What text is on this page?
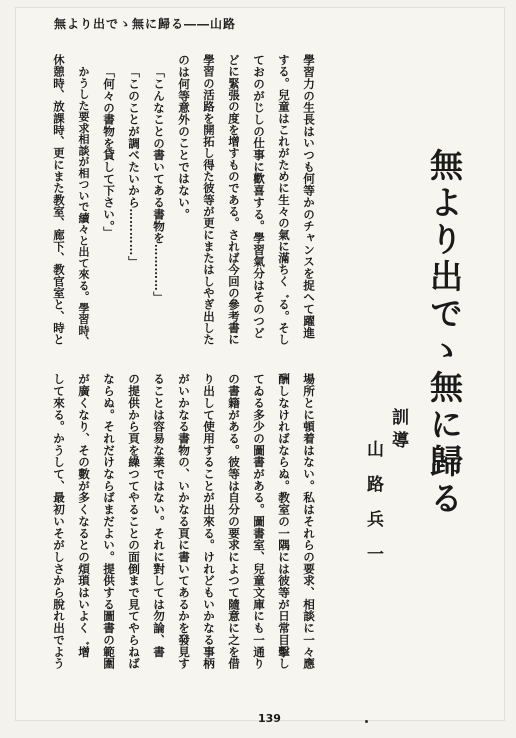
無より出でゝ無に歸る――山路
無より出でゝ無に歸る
訓導
山路兵一
學習力の生長はいつも何等かのチャンスを捉へて躍進
する。兒童はこれがために生々の氣に滿ちく゛る。そし
ておのがじしの仕事に歡喜する。學習氣分はそのつど
どに緊張の度を增すものである。されば今回の參考書に
學習の活路を開拓し得た彼等が更にまたはしやぎ出した
のは何等意外のことではない。
「こんなことの書いてある書物を…………」
「このことが調べたいから…………」
「何々の書物を貸して下さい。」
かうした要求相談が相ついで續々と出て來る。學習時、
休憩時、放課時、更にまた教室、廊下、教官室と、時と
場所とに頓着はない。私はそれらの要求、相談に一々應
酬しなければならぬ。教室の一隅には彼等が日常目擊し
てゐる多少の圖書がある。圖書室、兒童文庫にも一通り
の書籍がある。彼等は自分の要求によつて隨意に之を借
り出して使用することが出來る。けれどもいかなる事柄
がいかなる書物の、いかなる頁に書いてあるかを發見す
ることは容易な業ではない。それに對しては勿論、書
の提供から頁を繰つてやることの面倒まで見てやらねば
ならぬ。それだけならばまだよい。提供する圖書の範圍
が廣くなり、その數が多くなるとの煩瑣はいよく゛增
して來る。かうして、最初いそがしさから脫れ出でよう
139
